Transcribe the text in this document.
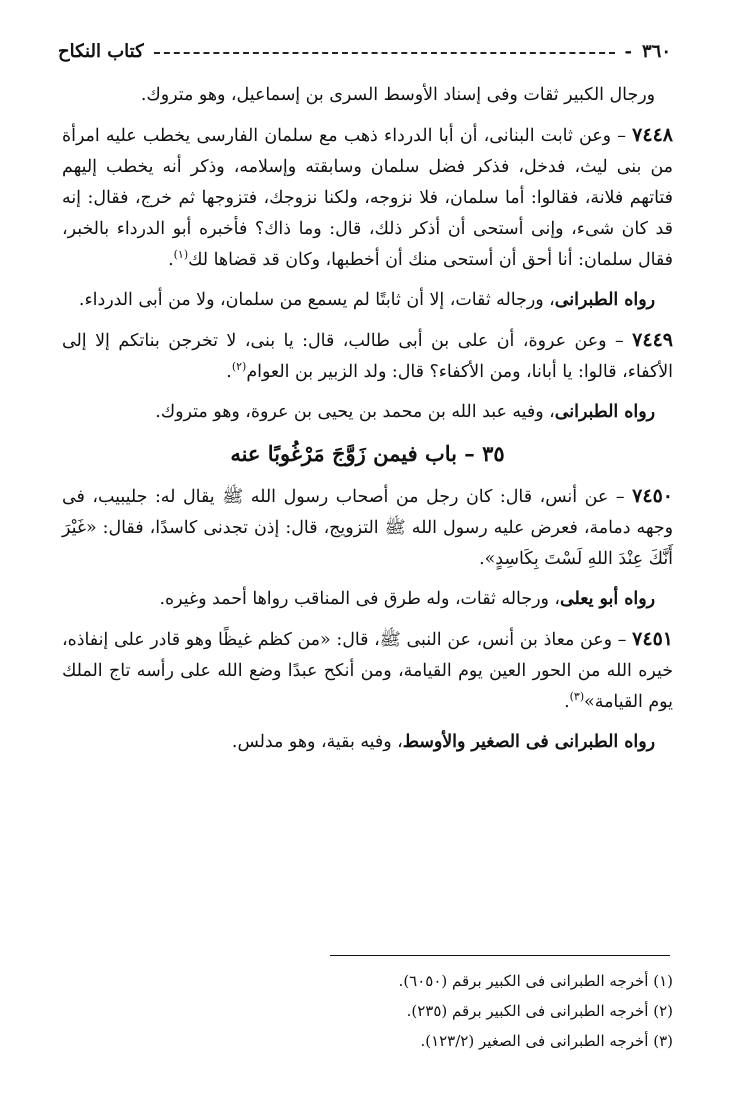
٣٦٠
-
كتاب النكاح

ورجال الكبير ثقات وفى إسناد الأوسط السرى بن إسماعيل، وهو متروك.

٧٤٤٨ – وعن ثابت البنانى، أن أبا الدرداء ذهب مع سلمان الفارسى يخطب عليه امرأة من بنى ليث، فدخل، فذكر فضل سلمان وسابقته وإسلامه، وذكر أنه يخطب إليهم فتاتهم فلانة، فقالوا: أما سلمان، فلا نزوجه، ولكنا نزوجك، فتزوجها ثم خرج، فقال: إنه قد كان شىء، وإنى أستحى أن أذكر ذلك، قال: وما ذاك؟ فأخبره أبو الدرداء بالخبر، فقال سلمان: أنا أحق أن أستحى منك أن أخطبها، وكان قد قضاها لك$^{(١)}$.

رواه الطبرانى، ورجاله ثقات، إلا أن ثابتًا لم يسمع من سلمان، ولا من أبى الدرداء.

٧٤٤٩ – وعن عروة، أن على بن أبى طالب، قال: يا بنى، لا تخرجن بناتكم إلا إلى الأكفاء، قالوا: يا أبانا، ومن الأكفاء؟ قال: ولد الزبير بن العوام$^{(٢)}$.

رواه الطبرانى، وفيه عبد الله بن محمد بن يحيى بن عروة، وهو متروك.

٣٥ – باب فيمن زَوَّجَ مَرْغُوبًا عنه

٧٤٥٠ – عن أنس، قال: كان رجل من أصحاب رسول الله ﷺ يقال له: جليبيب، فى وجهه دمامة، فعرض عليه رسول الله ﷺ التزويج، قال: إذن تجدنى كاسدًا، فقال: «غَيْرَ أَنَّكَ عِنْدَ اللهِ لَسْتَ بِكَاسِدٍ».

رواه أبو يعلى، ورجاله ثقات، وله طرق فى المناقب رواها أحمد وغيره.

٧٤٥١ – وعن معاذ بن أنس، عن النبى ﷺ، قال: «من كظم غيظًا وهو قادر على إنفاذه، خيره الله من الحور العين يوم القيامة، ومن أنكح عبدًا وضع الله على رأسه تاج الملك يوم القيامة»$^{(٣)}$.

رواه الطبرانى فى الصغير والأوسط، وفيه بقية، وهو مدلس.

(١) أخرجه الطبرانى فى الكبير برقم (٦٠٥٠).
(٢) أخرجه الطبرانى فى الكبير برقم (٢٣٥).
(٣) أخرجه الطبرانى فى الصغير (١٢٣/٢).
